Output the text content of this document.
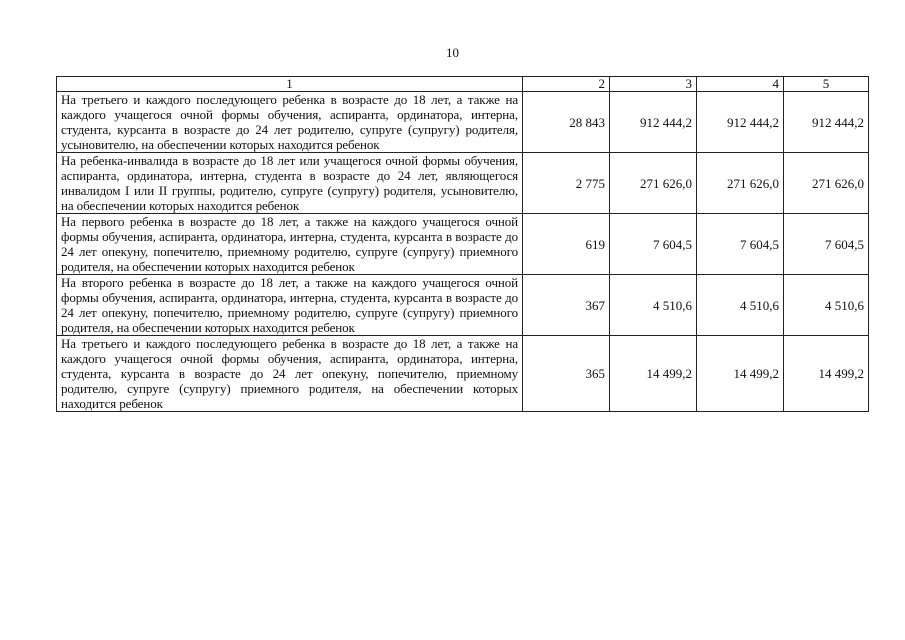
10
1	2	3	4	5
На третьего и каждого последующего ребенка в возрасте до 18 лет, а также на каждого учащегося очной формы обучения, аспиранта, ординатора, интерна, студента, курсанта в возрасте до 24 лет родителю, супруге (супругу) родителя, усыновителю, на обеспечении которых находится ребенок	28 843	912 444,2	912 444,2	912 444,2
На ребенка-инвалида в возрасте до 18 лет или учащегося очной формы обучения, аспиранта, ординатора, интерна, студента в возрасте до 24 лет, являющегося инвалидом I или II группы, родителю, супруге (супругу) родителя, усыновителю, на обеспечении которых находится ребенок	2 775	271 626,0	271 626,0	271 626,0
На первого ребенка в возрасте до 18 лет, а также на каждого учащегося очной формы обучения, аспиранта, ординатора, интерна, студента, курсанта в возрасте до 24 лет опекуну, попечителю, приемному родителю, супруге (супругу) приемного родителя, на обеспечении которых находится ребенок	619	7 604,5	7 604,5	7 604,5
На второго ребенка в возрасте до 18 лет, а также на каждого учащегося очной формы обучения, аспиранта, ординатора, интерна, студента, курсанта в возрасте до 24 лет опекуну, попечителю, приемному родителю, супруге (супругу) приемного родителя, на обеспечении которых находится ребенок	367	4 510,6	4 510,6	4 510,6
На третьего и каждого последующего ребенка в возрасте до 18 лет, а также на каждого учащегося очной формы обучения, аспиранта, ординатора, интерна, студента, курсанта в возрасте до 24 лет опекуну, попечителю, приемному родителю, супруге (супругу) приемного родителя, на обеспечении которых находится ребенок	365	14 499,2	14 499,2	14 499,2
